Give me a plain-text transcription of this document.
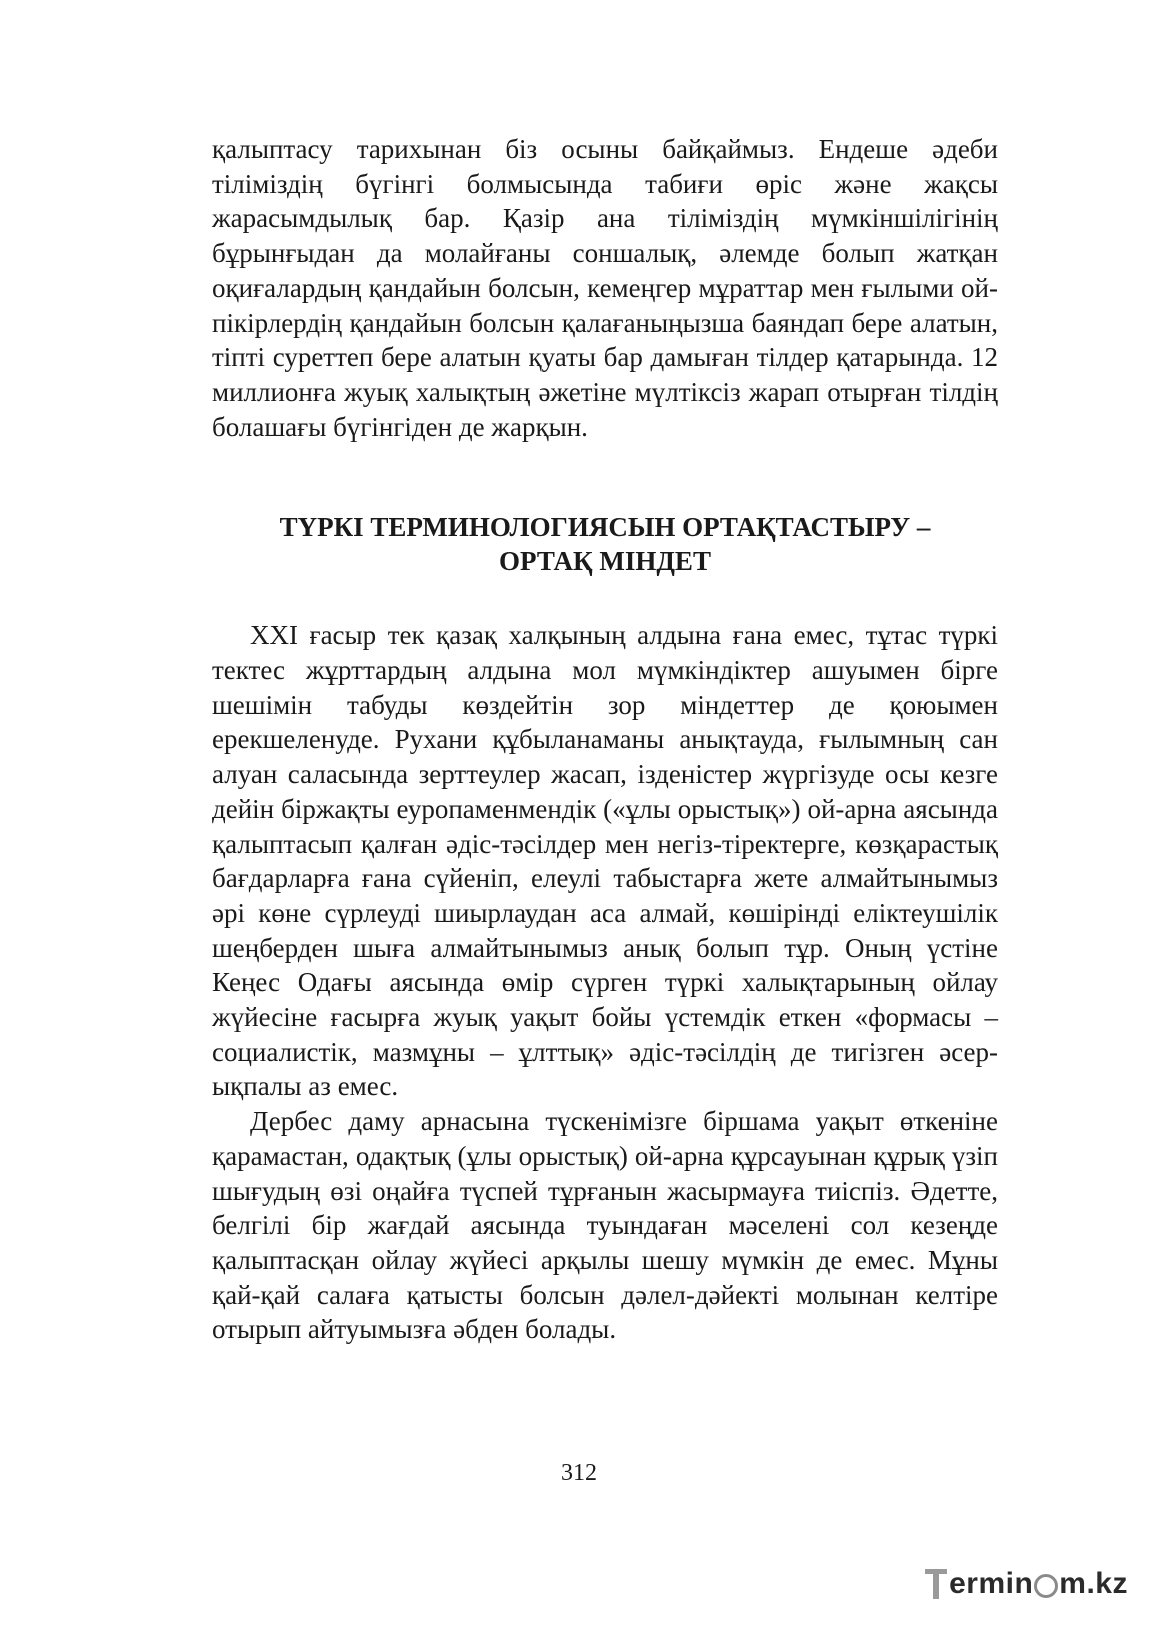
қалыптасу тарихынан біз осыны байқаймыз. Ендеше әдеби тіліміздің бүгінгі болмысында табиғи өріс және жақсы жарасымдылық бар. Қазір ана тіліміздің мүмкіншілігінің бұрынғыдан да молайғаны соншалық, әлемде болып жатқан оқиғалардың қандайын болсын, кемеңгер мұраттар мен ғылыми ой-пікірлердің қандайын болсын қалағаныңызша баяндап бере алатын, тіпті суреттеп бере алатын қуаты бар дамыған тілдер қатарында. 12 миллионға жуық халықтың әжетіне мүлтіксіз жарап отырған тілдің болашағы бүгінгіден де жарқын.

ТҮРКІ ТЕРМИНОЛОГИЯСЫН ОРТАҚТАСТЫРУ –
ОРТАҚ МІНДЕТ

XXI ғасыр тек қазақ халқының алдына ғана емес, тұтас түркі тектес жұрттардың алдына мол мүмкіндіктер ашуымен бірге шешімін табуды көздейтін зор міндеттер де қоюымен ерекшеленуде. Рухани құбыланаманы анықтауда, ғылымның сан алуан саласында зерттеулер жасап, ізденістер жүргізуде осы кезге дейін біржақты еуропаменмендік («ұлы орыстық») ой-арна аясында қалыптасып қалған әдіс-тәсілдер мен негіз-тіректерге, көзқарастық бағдарларға ғана сүйеніп, елеулі табыстарға жете алмайтынымыз әрі көне сүрлеуді шиырлаудан аса алмай, көшірінді еліктеушілік шеңберден шыға алмайтынымыз анық болып тұр. Оның үстіне Кеңес Одағы аясында өмір сүрген түркі халықтарының ойлау жүйесіне ғасырға жуық уақыт бойы үстемдік еткен «формасы – социалистік, мазмұны – ұлттық» әдіс-тәсілдің де тигізген әсер-ықпалы аз емес.

Дербес даму арнасына түскенімізге біршама уақыт өткеніне қарамастан, одақтық (ұлы орыстық) ой-арна құрсауынан құрық үзіп шығудың өзі оңайға түспей тұрғанын жасырмауға тиіспіз. Әдетте, белгілі бір жағдай аясында туындаған мәселені сол кезеңде қалыптасқан ойлау жүйесі арқылы шешу мүмкін де емес. Мұны қай-қай салаға қатысты болсын дәлел-дәйекті молынан келтіре отырып айтуымызға әбден болады.

312
ermin m.kz
